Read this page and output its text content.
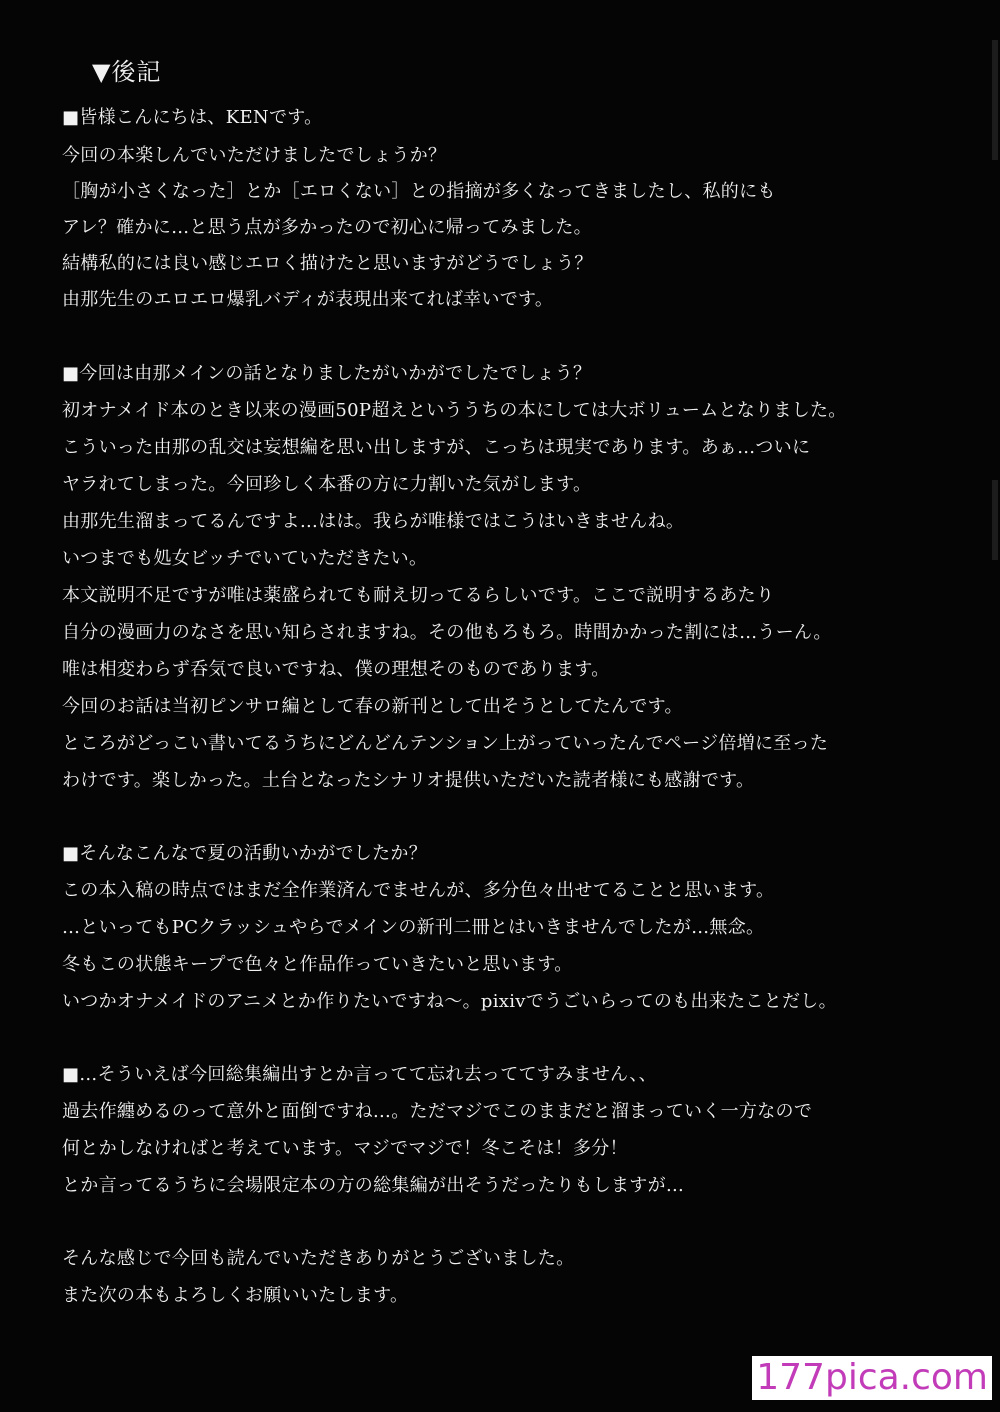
▼後記
■皆様こんにちは、KENです。
今回の本楽しんでいただけましたでしょうか？
［胸が小さくなった］とか［エロくない］との指摘が多くなってきましたし、私的にも
アレ？確かに…と思う点が多かったので初心に帰ってみました。
結構私的には良い感じエロく描けたと思いますがどうでしょう？
由那先生のエロエロ爆乳バディが表現出来てれば幸いです。
■今回は由那メインの話となりましたがいかがでしたでしょう？
初オナメイド本のとき以来の漫画50P超えといううちの本にしては大ボリュームとなりました。
こういった由那の乱交は妄想編を思い出しますが、こっちは現実であります。あぁ…ついに
ヤラれてしまった。今回珍しく本番の方に力割いた気がします。
由那先生溜まってるんですよ…はは。我らが唯様ではこうはいきませんね。
いつまでも処女ビッチでいていただきたい。
本文説明不足ですが唯は薬盛られても耐え切ってるらしいです。ここで説明するあたり
自分の漫画力のなさを思い知らされますね。その他もろもろ。時間かかった割には…うーん。
唯は相変わらず呑気で良いですね、僕の理想そのものであります。
今回のお話は当初ピンサロ編として春の新刊として出そうとしてたんです。
ところがどっこい書いてるうちにどんどんテンション上がっていったんでページ倍増に至った
わけです。楽しかった。土台となったシナリオ提供いただいた読者様にも感謝です。
■そんなこんなで夏の活動いかがでしたか？
この本入稿の時点ではまだ全作業済んでませんが、多分色々出せてることと思います。
…といってもPCクラッシュやらでメインの新刊二冊とはいきませんでしたが…無念。
冬もこの状態キープで色々と作品作っていきたいと思います。
いつかオナメイドのアニメとか作りたいですね～。pixivでうごいらってのも出来たことだし。
■…そういえば今回総集編出すとか言ってて忘れ去っててすみません、、
過去作纏めるのって意外と面倒ですね…。ただマジでこのままだと溜まっていく一方なので
何とかしなければと考えています。マジでマジで！冬こそは！多分！
とか言ってるうちに会場限定本の方の総集編が出そうだったりもしますが…
そんな感じで今回も読んでいただきありがとうございました。
また次の本もよろしくお願いいたします。
177pica.com
